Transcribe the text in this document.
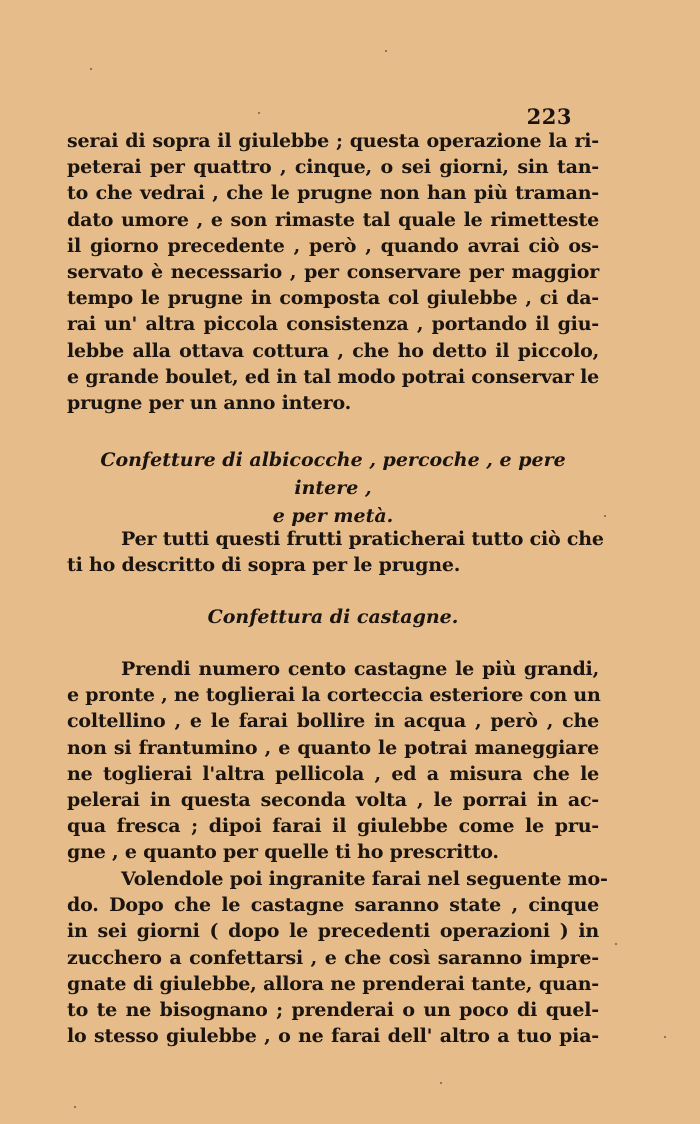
223
serai di sopra il giulebbe ; questa operazione la ri-
peterai per quattro , cinque, o sei giorni, sin tan-
to che vedrai , che le prugne non han più traman-
dato umore , e son rimaste tal quale le rimetteste
il giorno precedente , però , quando avrai ciò os-
servato è necessario , per conservare per maggior
tempo le prugne in composta col giulebbe , ci da-
rai un' altra piccola consistenza , portando il giu-
lebbe alla ottava cottura , che ho detto il piccolo,
e grande boulet, ed in tal modo potrai conservar le
prugne per un anno intero.
Confetture di albicocche , percoche , e pere intere ,
e per metà.
Per tutti questi frutti praticherai tutto ciò che
ti ho descritto di sopra per le prugne.
Confettura di castagne.
Prendi numero cento castagne le più grandi,
e pronte , ne toglierai la corteccia esteriore con un
coltellino , e le farai bollire in acqua , però , che
non si frantumino , e quanto le potrai maneggiare
ne toglierai l'altra pellicola , ed a misura che le
pelerai in questa seconda volta , le porrai in ac-
qua fresca ; dipoi farai il giulebbe come le pru-
gne , e quanto per quelle ti ho prescritto.
Volendole poi ingranite farai nel seguente mo-
do. Dopo che le castagne saranno state , cinque
in sei giorni ( dopo le precedenti operazioni ) in
zucchero a confettarsi , e che così saranno impre-
gnate di giulebbe, allora ne prenderai tante, quan-
to te ne bisognano ; prenderai o un poco di quel-
lo stesso giulebbe , o ne farai dell' altro a tuo pia-
